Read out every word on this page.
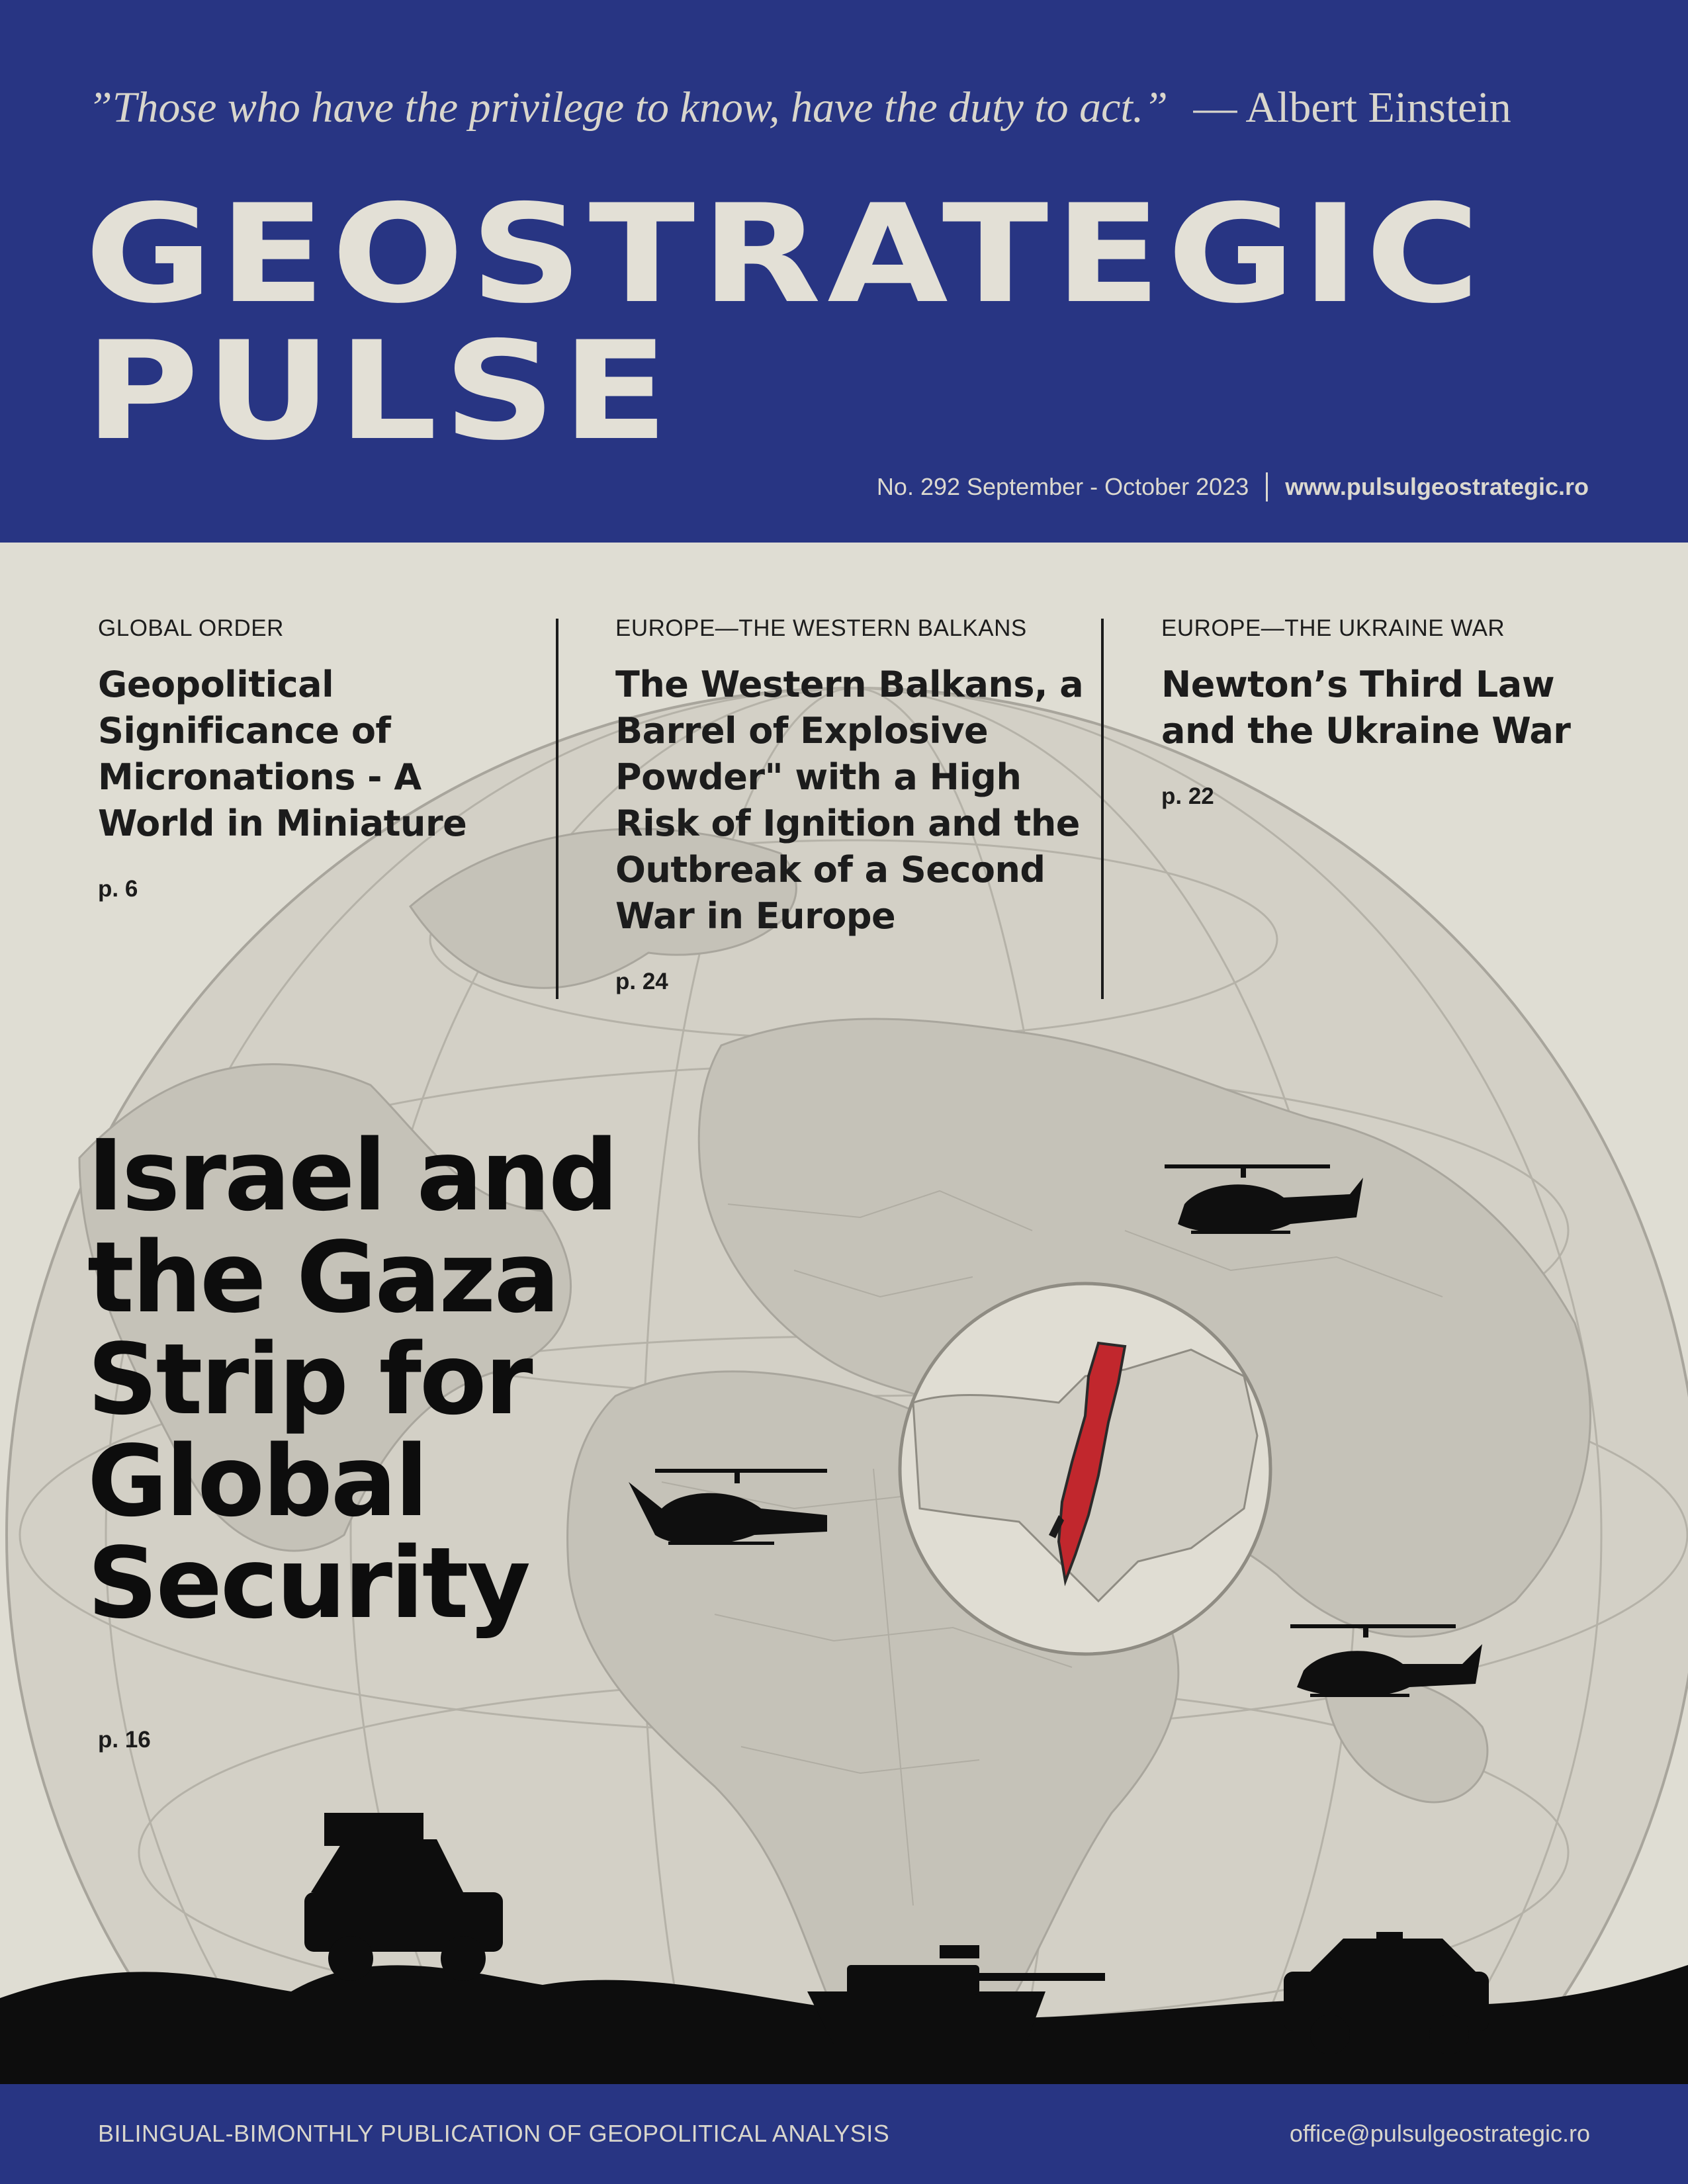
”Those who have the privilege to know, have the duty to act.” — Albert Einstein
GEOSTRATEGIC
PULSE
No. 292 September - October 2023 www.pulsulgeostrategic.ro
GLOBAL ORDER
Geopolitical Significance of Micronations - A World in Miniature
p. 6
EUROPE—THE WESTERN BALKANS
The Western Balkans, a Barrel of Explosive Powder" with a High Risk of Ignition and the Outbreak of a Second War in Europe
p. 24
EUROPE—THE UKRAINE WAR
Newton’s Third Law and the Ukraine War
p. 22
Israel and
the Gaza
Strip for
Global
Security
p. 16
BILINGUAL-BIMONTHLY PUBLICATION OF GEOPOLITICAL ANALYSIS	office@pulsulgeostrategic.ro
